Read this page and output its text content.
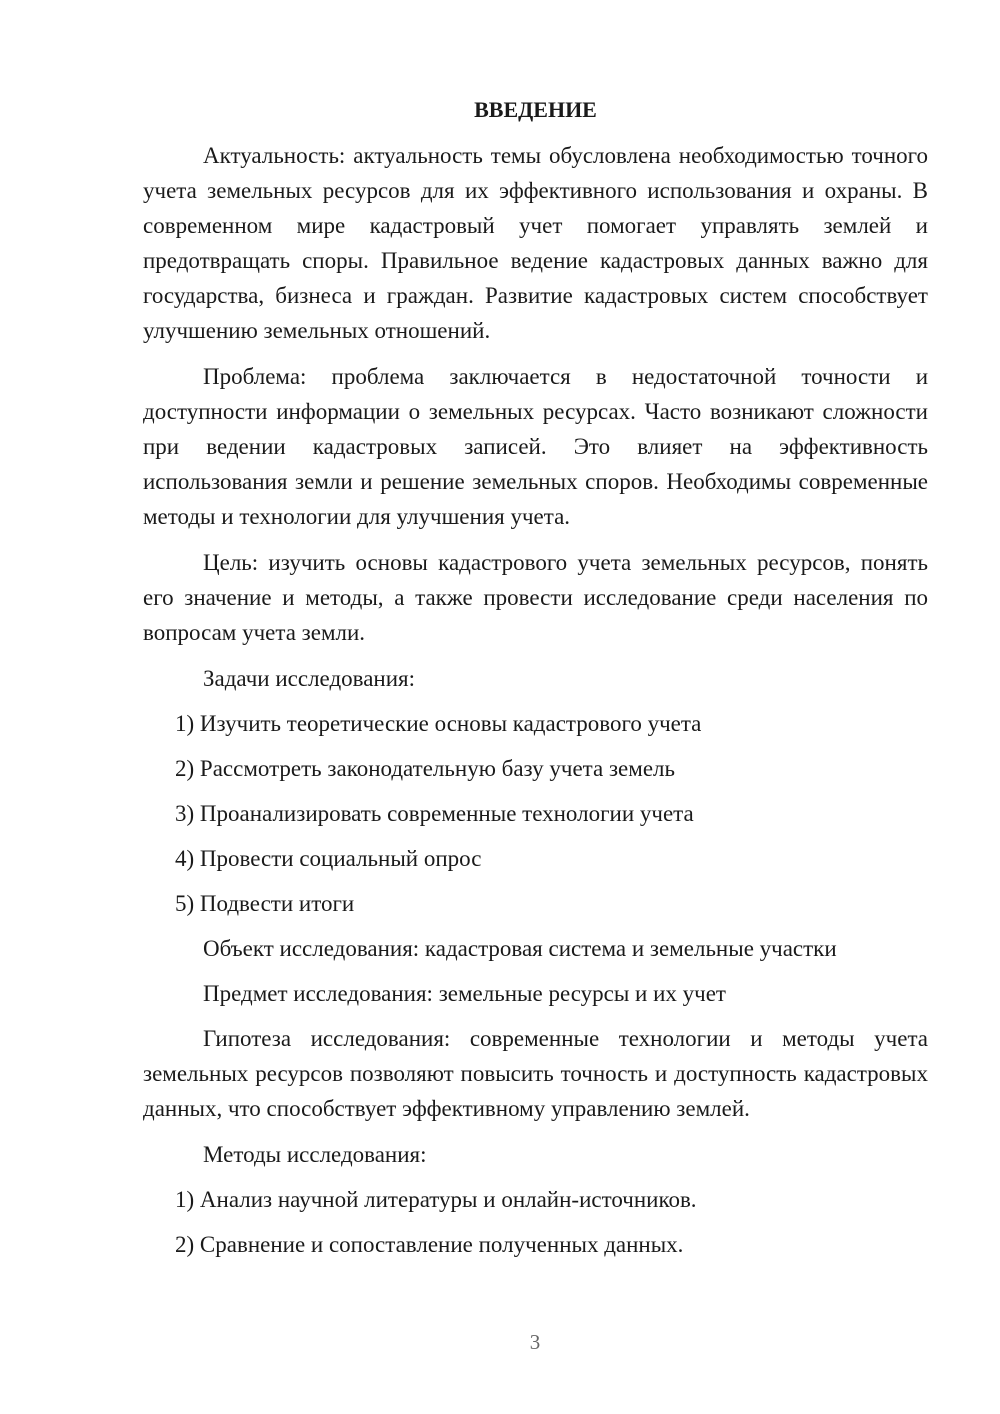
ВВЕДЕНИЕ

Актуальность: актуальность темы обусловлена необходимостью точного учета земельных ресурсов для их эффективного использования и охраны. В современном мире кадастровый учет помогает управлять землей и предотвращать споры. Правильное ведение кадастровых данных важно для государства, бизнеса и граждан. Развитие кадастровых систем способствует улучшению земельных отношений.

Проблема: проблема заключается в недостаточной точности и доступности информации о земельных ресурсах. Часто возникают сложности при ведении кадастровых записей. Это влияет на эффективность использования земли и решение земельных споров. Необходимы современные методы и технологии для улучшения учета.

Цель: изучить основы кадастрового учета земельных ресурсов, понять его значение и методы, а также провести исследование среди населения по вопросам учета земли.

Задачи исследования:
1) Изучить теоретические основы кадастрового учета
2) Рассмотреть законодательную базу учета земель
3) Проанализировать современные технологии учета
4) Провести социальный опрос
5) Подвести итоги
Объект исследования: кадастровая система и земельные участки
Предмет исследования: земельные ресурсы и их учет

Гипотеза исследования: современные технологии и методы учета земельных ресурсов позволяют повысить точность и доступность кадастровых данных, что способствует эффективному управлению землей.

Методы исследования:
1) Анализ научной литературы и онлайн-источников.
2) Сравнение и сопоставление полученных данных.
3
